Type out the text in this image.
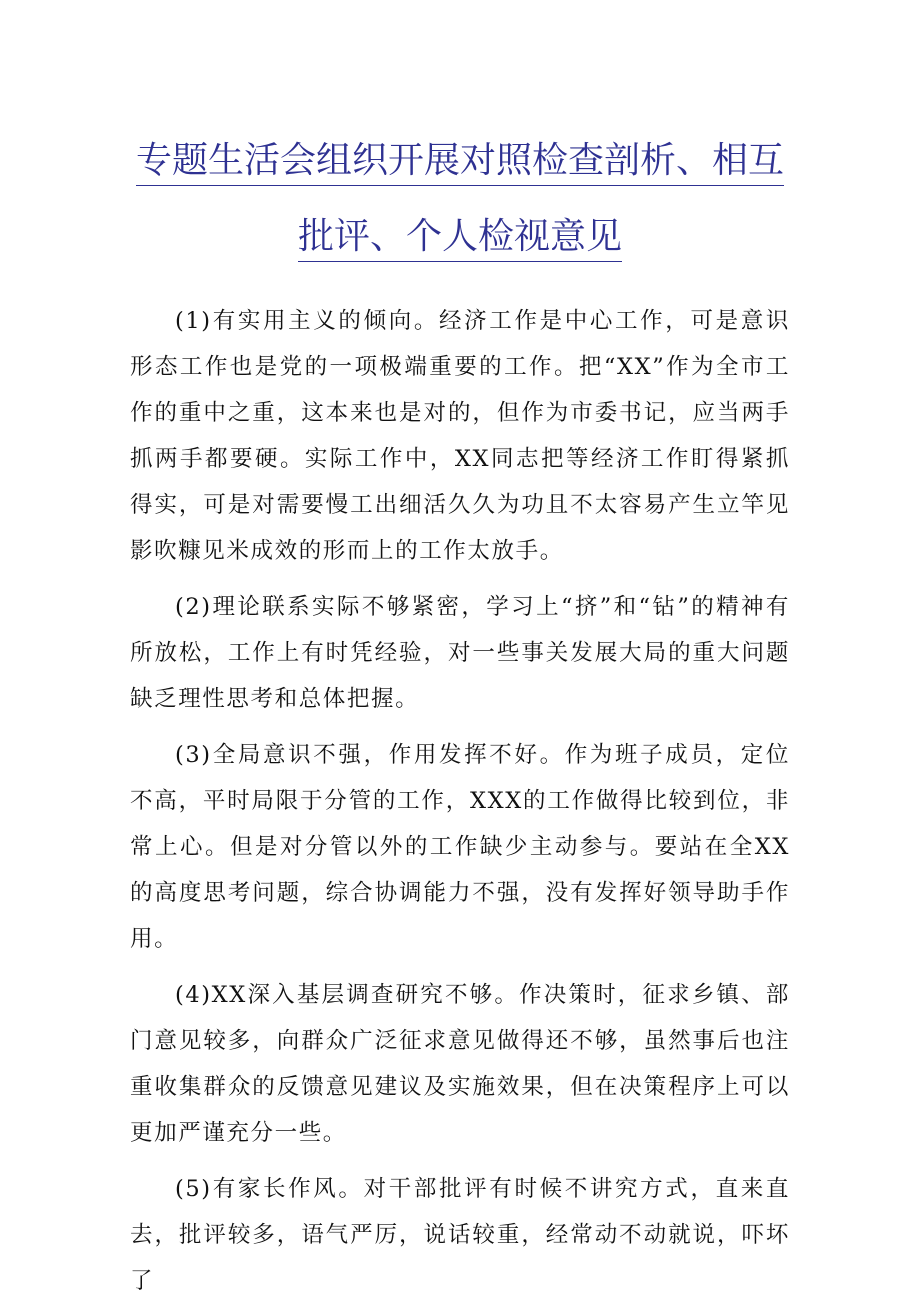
专题生活会组织开展对照检查剖析、相互
批评、个人检视意见

(1)有实用主义的倾向。经济工作是中心工作，可是意识形态工作也是党的一项极端重要的工作。把“XX”作为全市工作的重中之重，这本来也是对的，但作为市委书记，应当两手抓两手都要硬。实际工作中，XX同志把等经济工作盯得紧抓得实，可是对需要慢工出细活久久为功且不太容易产生立竿见影吹糠见米成效的形而上的工作太放手。

(2)理论联系实际不够紧密，学习上“挤”和“钻”的精神有所放松，工作上有时凭经验，对一些事关发展大局的重大问题缺乏理性思考和总体把握。

(3)全局意识不强，作用发挥不好。作为班子成员，定位不高，平时局限于分管的工作，XXX的工作做得比较到位，非常上心。但是对分管以外的工作缺少主动参与。要站在全XX的高度思考问题，综合协调能力不强，没有发挥好领导助手作用。

(4)XX深入基层调查研究不够。作决策时，征求乡镇、部门意见较多，向群众广泛征求意见做得还不够，虽然事后也注重收集群众的反馈意见建议及实施效果，但在决策程序上可以更加严谨充分一些。

(5)有家长作风。对干部批评有时候不讲究方式，直来直去，批评较多，语气严厉，说话较重，经常动不动就说，吓坏了
